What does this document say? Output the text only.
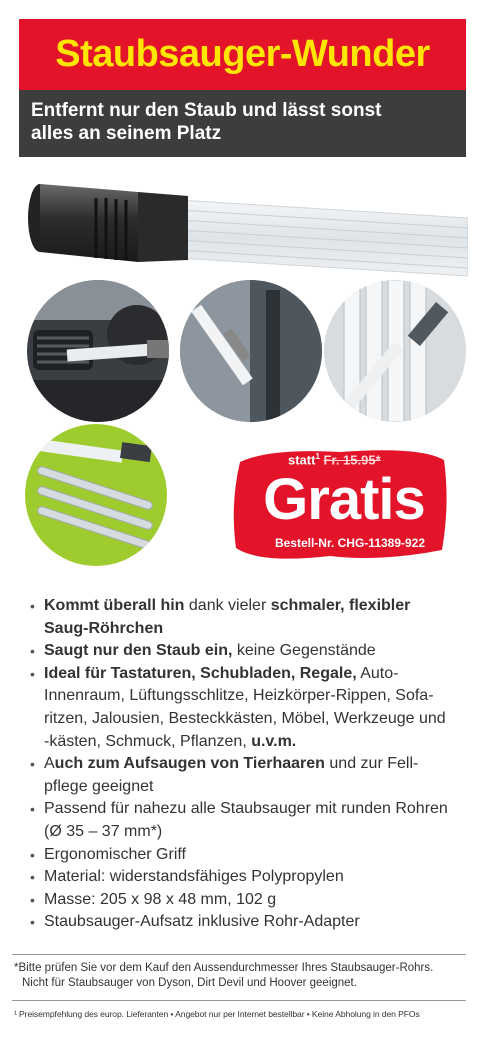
Staubsauger-Wunder

Entfernt nur den Staub und lässt sonst

alles an seinem Platz

statt$^1$ Fr. 15.95*
Gratis
Bestell-Nr. CHG-11389-922
• Kommt überall hin dank vieler schmaler, flexibler
Saug-Röhrchen
• Saugt nur den Staub ein, keine Gegenstände
• Ideal für Tastaturen, Schubladen, Regale, Auto-
Innenraum, Lüftungsschlitze, Heizkörper-Rippen, Sofa-
ritzen, Jalousien, Besteckkästen, Möbel, Werkzeuge und
-kästen, Schmuck, Pflanzen, u.v.m.
• Auch zum Aufsaugen von Tierhaaren und zur Fell-
pflege geeignet
• Passend für nahezu alle Staubsauger mit runden Rohren
(Ø 35 – 37 mm*)
• Ergonomischer Griff
• Material: widerstandsfähiges Polypropylen
• Masse: 205 x 98 x 48 mm, 102 g
• Staubsauger-Aufsatz inklusive Rohr-Adapter
*Bitte prüfen Sie vor dem Kauf den Aussendurchmesser Ihres Staubsauger-Rohrs.
Nicht für Staubsauger von Dyson, Dirt Devil und Hoover geeignet.
¹ Preisempfehlung des europ. Lieferanten • Angebot nur per Internet bestellbar • Keine Abholung in den PFOs
